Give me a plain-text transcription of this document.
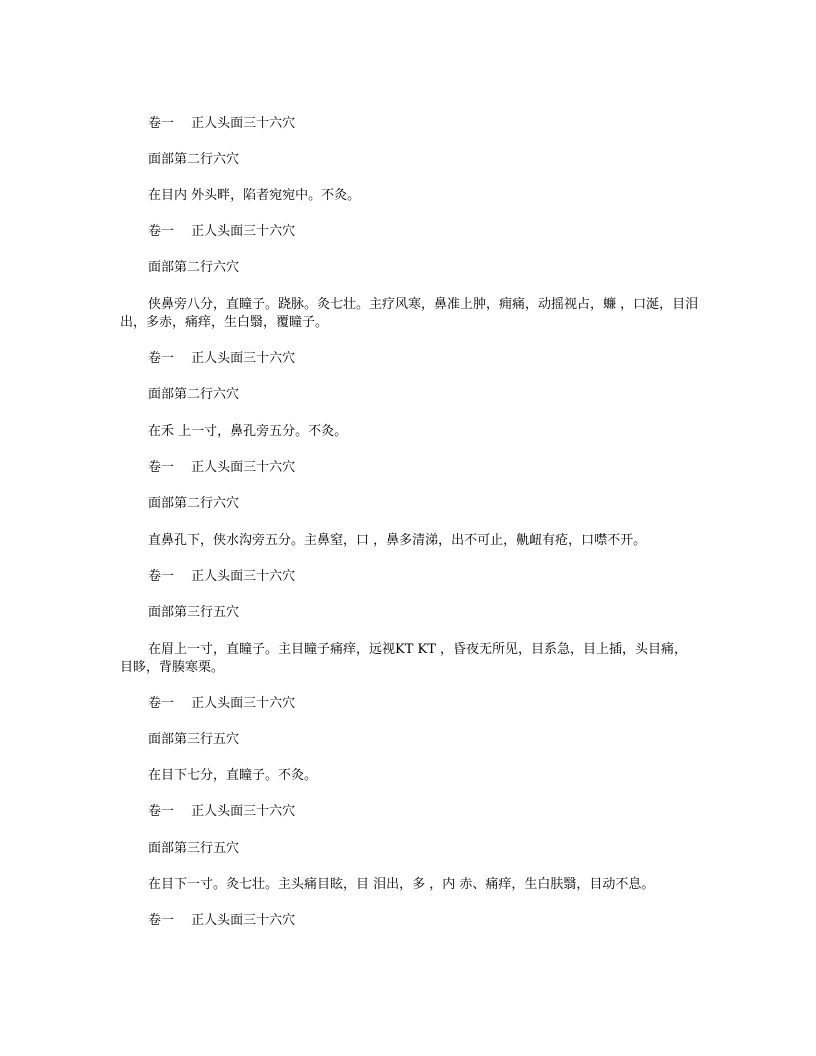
卷一　 正人头面三十六穴

面部第二行六穴

在目内 外头畔，陷者宛宛中。不灸。

卷一　 正人头面三十六穴

面部第二行六穴

侠鼻旁八分，直瞳子。跷脉。灸七壮。主疗风寒，鼻准上肿，痈痛，动摇视占，蠊 ，口涎，目泪出，多赤，痛痒，生白翳，覆瞳子。

卷一　 正人头面三十六穴

面部第二行六穴

在禾 上一寸，鼻孔旁五分。不灸。

卷一　 正人头面三十六穴

面部第二行六穴

直鼻孔下，侠水沟旁五分。主鼻窒，口 ，鼻多清涕，出不可止，鼽衄有疮，口噤不开。

卷一　 正人头面三十六穴

面部第三行五穴

在眉上一寸，直瞳子。主目瞳子痛痒，远视KT KT ，昏夜无所见，目系急，目上插，头目痛，目眵，背腠寒栗。

卷一　 正人头面三十六穴

面部第三行五穴

在目下七分，直瞳子。不灸。

卷一　 正人头面三十六穴

面部第三行五穴

在目下一寸。灸七壮。主头痛目眩，目 泪出，多 ，内 赤、痛痒，生白肤翳，目动不息。

卷一　 正人头面三十六穴
